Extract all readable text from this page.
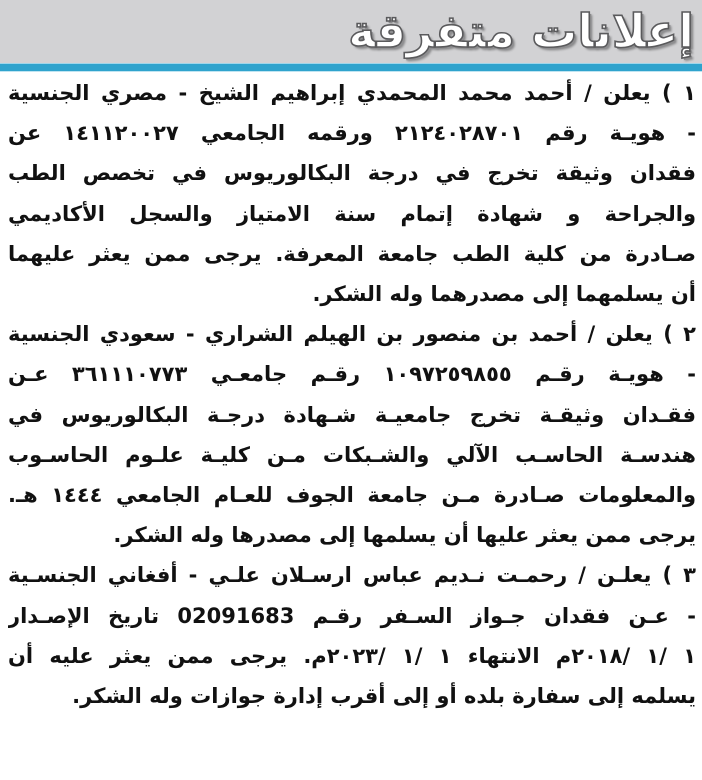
إعلانات متفرقة
١ ) يعلن / أحمد محمد المحمدي إبراهيم الشيخ - مصري الجنسية
- هويـة رقم ٢١٢٤٠٢٨٧٠١ ورقمه الجامعي ١٤١١٢٠٠٢٧ عن
فقدان وثيقة تخرج في درجة البكالوريوس في تخصص الطب
والجراحة و شهادة إتمام سنة الامتياز والسجل الأكاديمي
صـادرة من كلية الطب جامعة المعرفة. يرجى ممن يعثر عليهما
أن يسلمهما إلى مصدرهما وله الشكر.
٢ ) يعلن / أحمد بن منصور بن الهيلم الشراري - سعودي الجنسية
- هويـة رقـم ١٠٩٧٢٥٩٨٥٥ رقـم جامعـي ٣٦١١١٠٧٧٣ عـن
فقـدان وثيقـة تخرج جامعيـة شـهادة درجـة البكالوريوس في
هندسـة الحاسـب الآلي والشـبكات مـن كليـة علـوم الحاسـوب
والمعلومات صـادرة مـن جامعة الجوف للعـام الجامعي ١٤٤٤ هـ.
يرجى ممن يعثر عليها أن يسلمها إلى مصدرها وله الشكر.
٣ ) يعلـن / رحمـت نـديم عباس ارسـلان علـي - أفغاني الجنسـية
- عـن فقدان جـواز السـفر رقـم 02091683 تاريخ الإصـدار
١ /١ /٢٠١٨م الانتهاء ١ /١ /٢٠٢٣م. يرجى ممن يعثر عليه أن
يسلمه إلى سفارة بلده أو إلى أقرب إدارة جوازات وله الشكر.
